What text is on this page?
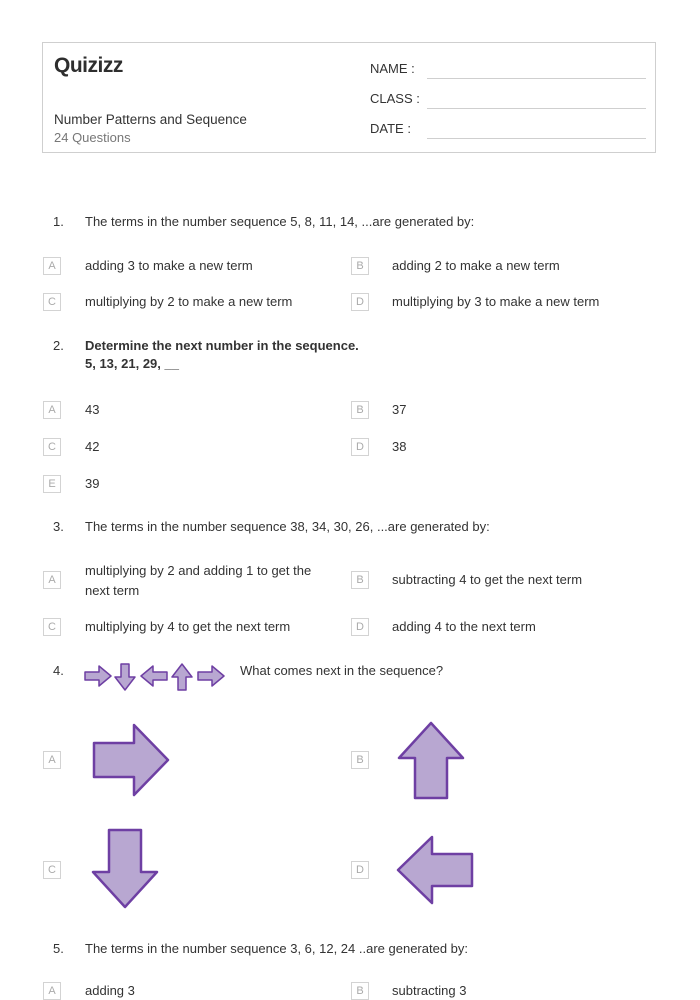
Quizizz
Number Patterns and Sequence
24 Questions
NAME :
CLASS :
DATE :
1. The terms in the number sequence 5, 8, 11, 14, ...are generated by:
A	adding 3 to make a new term	B	adding 2 to make a new term
C	multiplying by 2 to make a new term	D	multiplying by 3 to make a new term
2. Determine the next number in the sequence.
5, 13, 21, 29, __
A	43	B	37
C	42	D	38
E	39
3. The terms in the number sequence 38, 34, 30, 26, ...are generated by:
A
multiplying by 2 and adding 1 to get the
next term
B	subtracting 4 to get the next term
C	multiplying by 4 to get the next term	D	adding 4 to the next term
4.	What comes next in the sequence?
A	B
C	D
5. The terms in the number sequence 3, 6, 12, 24 ..are generated by:
A	adding 3	B	subtracting 3
